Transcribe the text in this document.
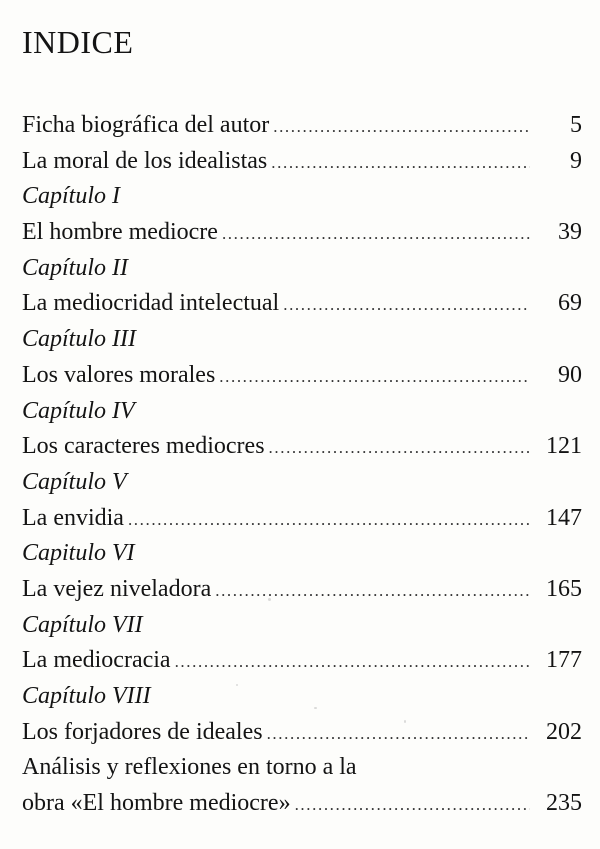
INDICE
Ficha biográfica del autor .....	5
La moral de los idealistas .....	9
Capítulo I
El hombre mediocre .....	39
Capítulo II
La mediocridad intelectual .....	69
Capítulo III
Los valores morales .....	90
Capítulo IV
Los caracteres mediocres .....	121
Capítulo V
La envidia .....	147
Capitulo VI
La vejez niveladora .....	165
Capítulo VII
La mediocracia .....	177
Capítulo VIII
Los forjadores de ideales .....	202
Análisis y reflexiones en torno a la
obra «El hombre mediocre» .....	235
